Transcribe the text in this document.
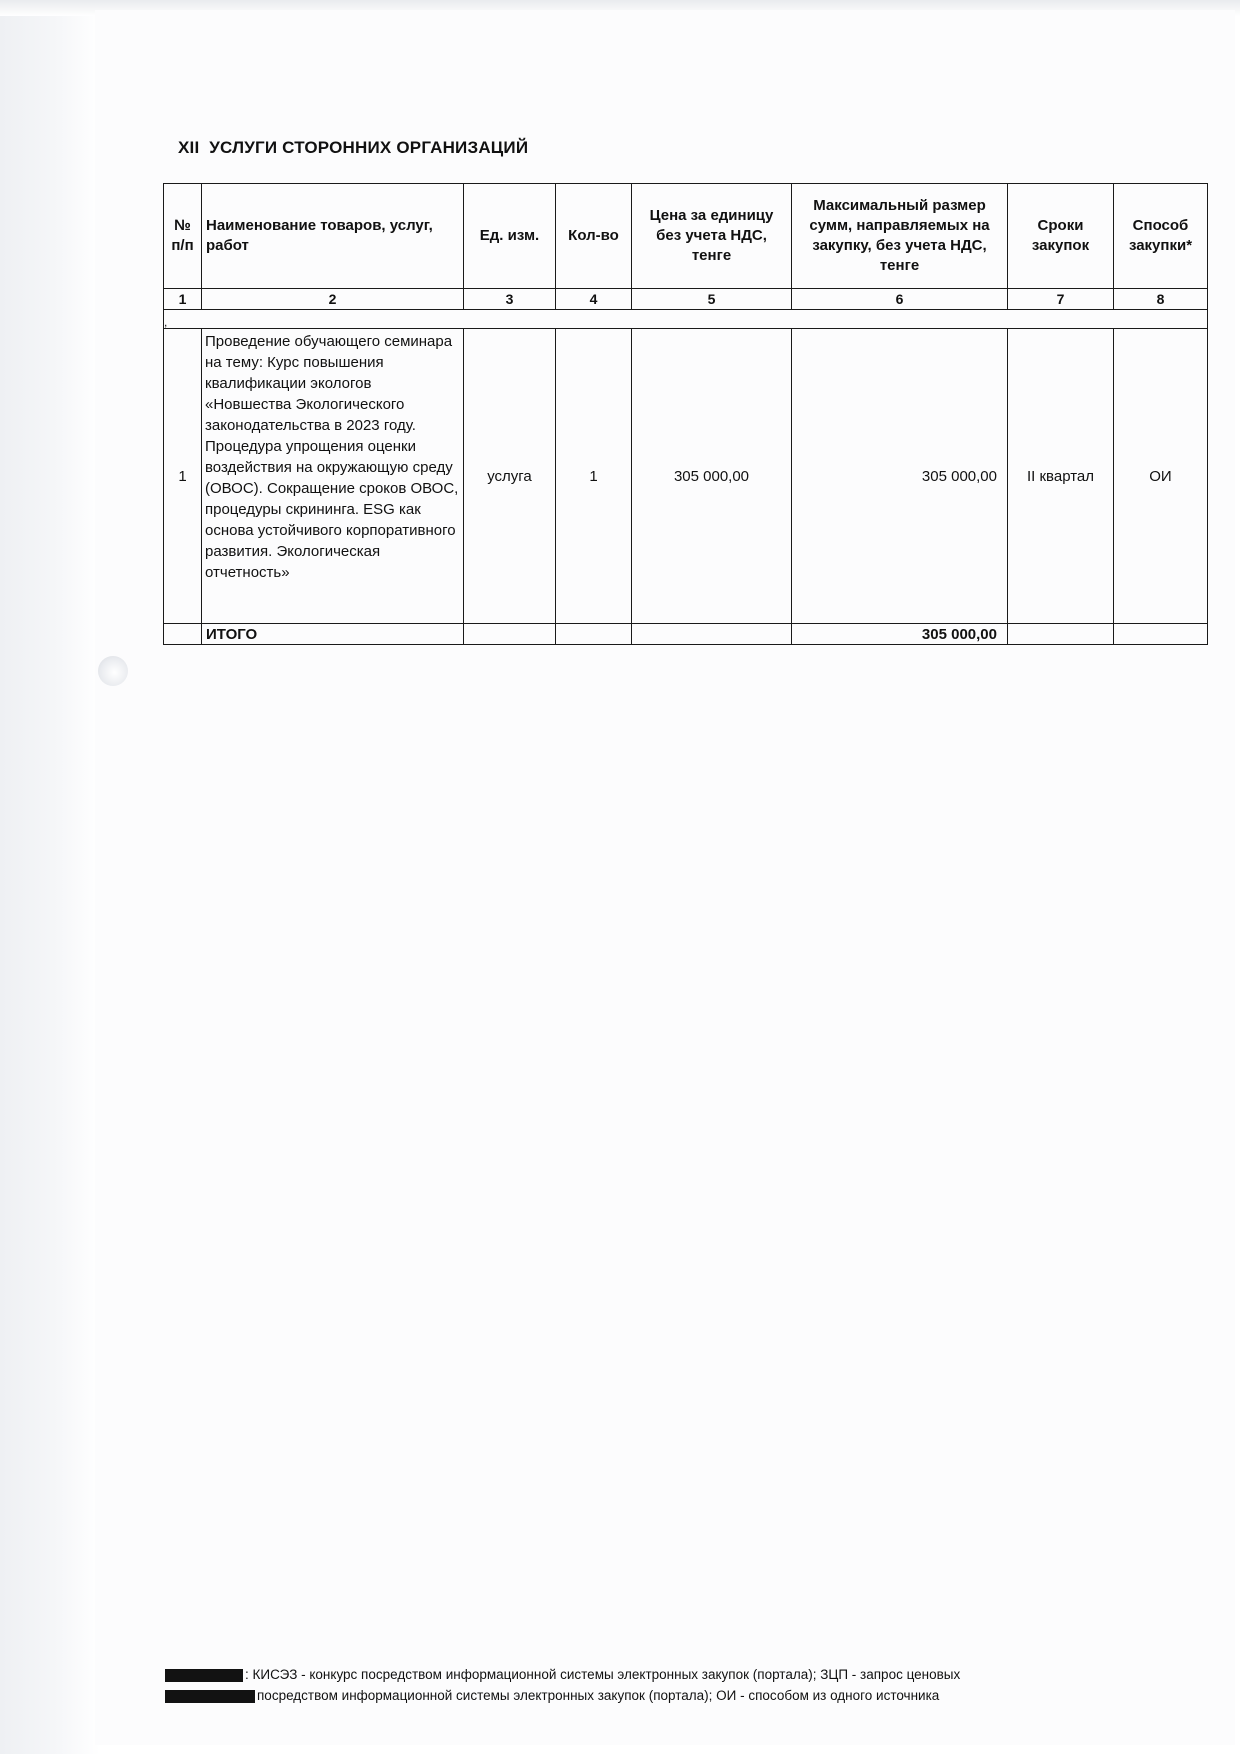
XII УСЛУГИ СТОРОННИХ ОРГАНИЗАЦИЙ
№ п/п	Наименование товаров, услуг, работ	Ед. изм.	Кол-во	Цена за единицу без учета НДС, тенге	Максимальный размер сумм, направляемых на закупку, без учета НДС, тенге	Сроки закупок	Способ закупки*
1	2	3	4	5	6	7	8
,							
1	Проведение обучающего семинара на тему: Курс повышения квалификации экологов «Новшества Экологического законодательства в 2023 году. Процедура упрощения оценки воздействия на окружающую среду (ОВОС). Сокращение сроков ОВОС, процедуры скрининга. ESG как основа устойчивого корпоративного развития. Экологическая отчетность»	услуга	1	305 000,00	305 000,00	II квартал	ОИ
	ИТОГО				305 000,00		
: КИСЭЗ - конкурс посредством информационной системы электронных закупок (портала); ЗЦП - запрос ценовых
посредством информационной системы электронных закупок (портала); ОИ - способом из одного источника
